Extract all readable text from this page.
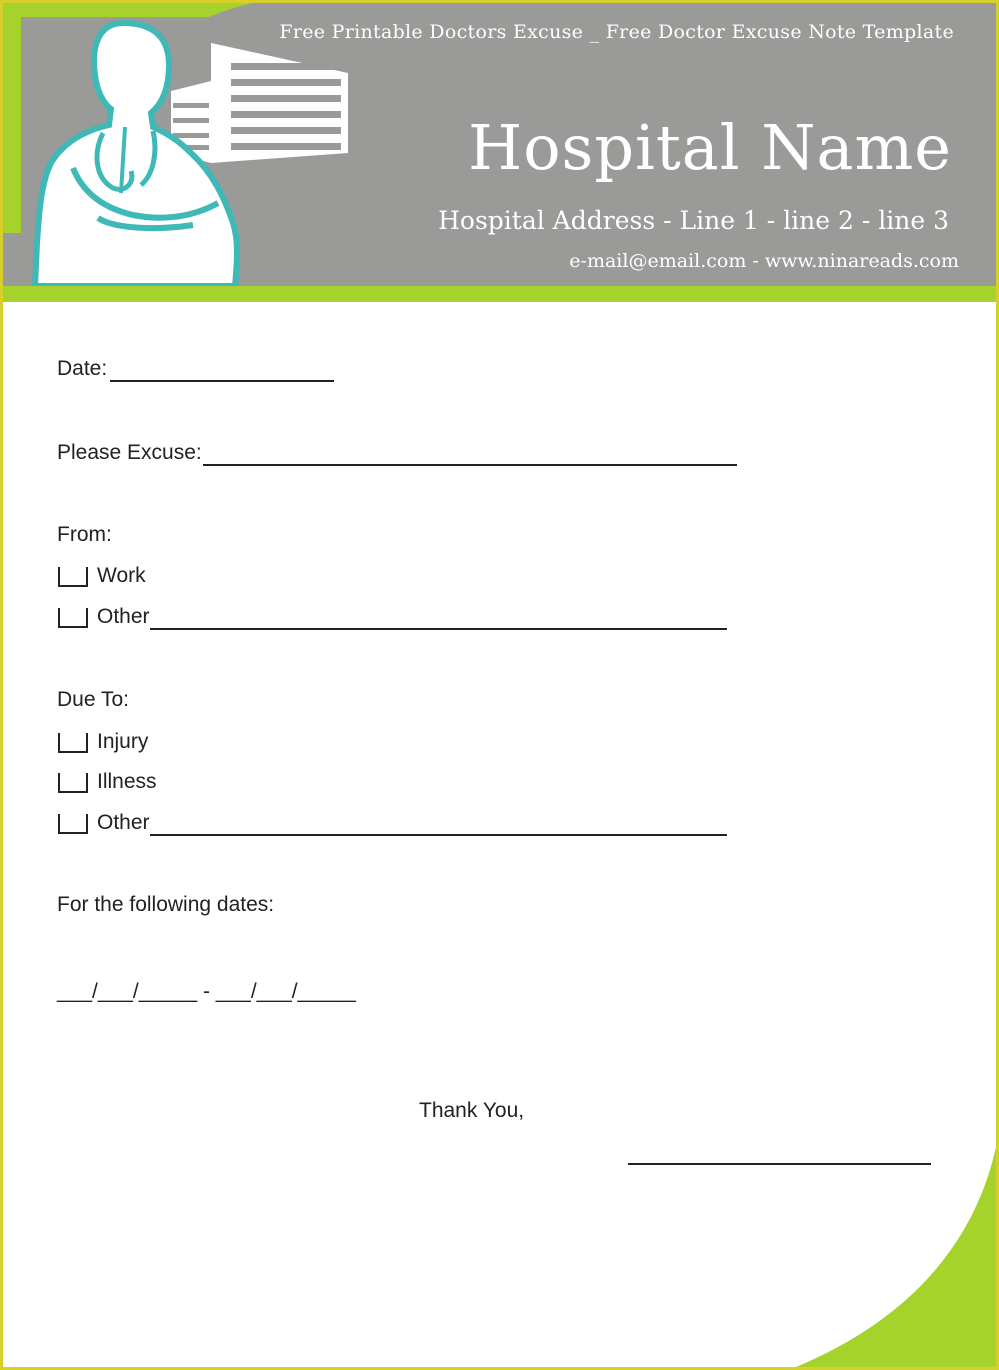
Free Printable Doctors Excuse _ Free Doctor Excuse Note Template
Hospital Name
Hospital Address - Line 1 - line 2 - line 3
e-mail@email.com - www.ninareads.com
Date:
Please Excuse:
From:
Work
Other
Due To:
Injury
Illness
Other
For the following dates:
___/___/_____ - ___/___/_____
Thank You,
